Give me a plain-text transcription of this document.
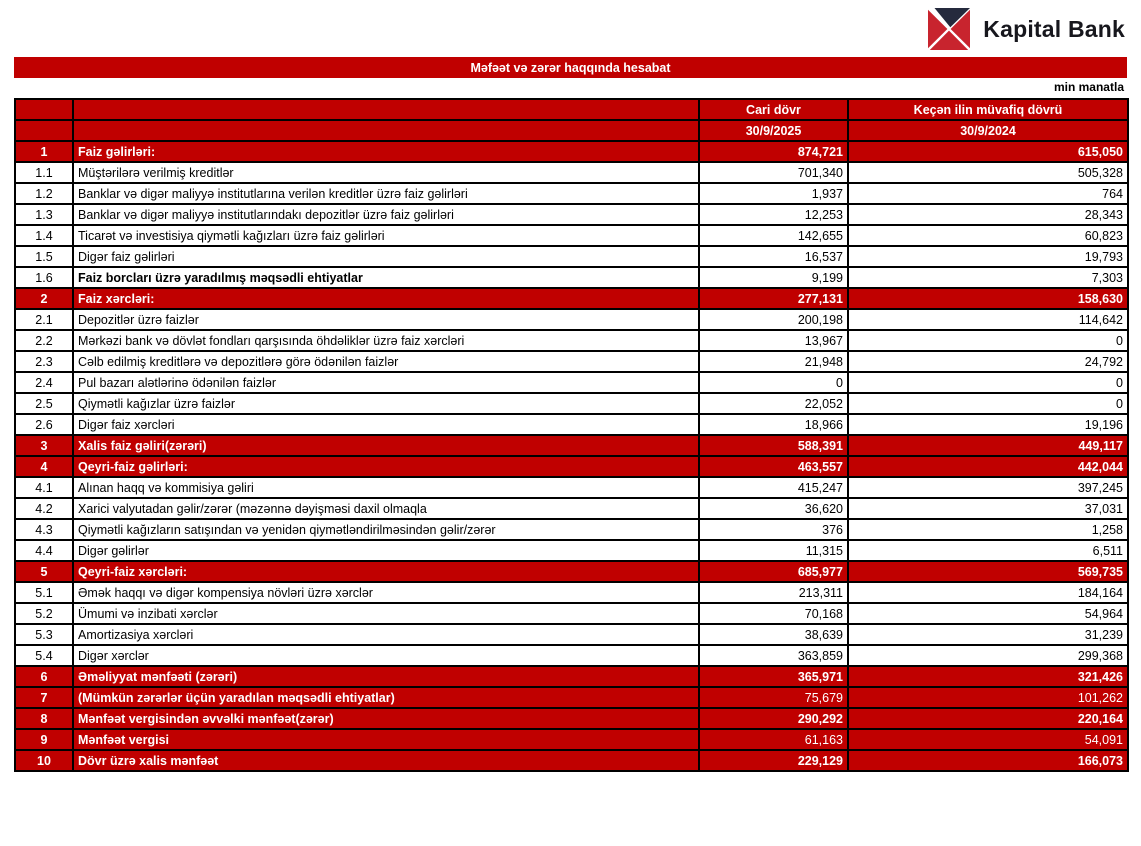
Kapital Bank
Məfəət və zərər haqqında hesabat
min manatla
		Cari dövr	Keçən ilin müvafiq dövrü
		30/9/2025	30/9/2024
1	Faiz gəlirləri:	874,721	615,050
1.1	Müştərilərə verilmiş kreditlər	701,340	505,328
1.2	Banklar və digər maliyyə institutlarına verilən kreditlər üzrə faiz gəlirləri	1,937	764
1.3	Banklar və digər maliyyə institutlarındakı depozitlər üzrə faiz gəlirləri	12,253	28,343
1.4	Ticarət və investisiya qiymətli kağızları üzrə faiz gəlirləri	142,655	60,823
1.5	Digər faiz gəlirləri	16,537	19,793
1.6	Faiz borcları üzrə yaradılmış məqsədli ehtiyatlar	9,199	7,303
2	Faiz xərcləri:	277,131	158,630
2.1	Depozitlər üzrə faizlər	200,198	114,642
2.2	Mərkəzi bank və dövlət fondları qarşısında öhdəliklər üzrə faiz xərcləri	13,967	0
2.3	Cəlb edilmiş kreditlərə və depozitlərə görə ödənilən faizlər	21,948	24,792
2.4	Pul bazarı alətlərinə ödənilən faizlər	0	0
2.5	Qiymətli kağızlar üzrə faizlər	22,052	0
2.6	Digər faiz xərcləri	18,966	19,196
3	Xalis faiz gəliri(zərəri)	588,391	449,117
4	Qeyri-faiz gəlirləri:	463,557	442,044
4.1	Alınan haqq və kommisiya gəliri	415,247	397,245
4.2	Xarici valyutadan gəlir/zərər (məzənnə dəyişməsi daxil olmaqla	36,620	37,031
4.3	Qiymətli kağızların satışından və yenidən qiymətləndirilməsindən gəlir/zərər	376	1,258
4.4	Digər gəlirlər	11,315	6,511
5	Qeyri-faiz xərcləri:	685,977	569,735
5.1	Əmək haqqı və digər kompensiya növləri üzrə xərclər	213,311	184,164
5.2	Ümumi və inzibati xərclər	70,168	54,964
5.3	Amortizasiya xərcləri	38,639	31,239
5.4	Digər xərclər	363,859	299,368
6	Əməliyyat mənfəəti (zərəri)	365,971	321,426
7	(Mümkün zərərlər üçün yaradılan məqsədli ehtiyatlar)	75,679	101,262
8	Mənfəət vergisindən əvvəlki mənfəət(zərər)	290,292	220,164
9	Mənfəət vergisi	61,163	54,091
10	Dövr üzrə xalis mənfəət	229,129	166,073
